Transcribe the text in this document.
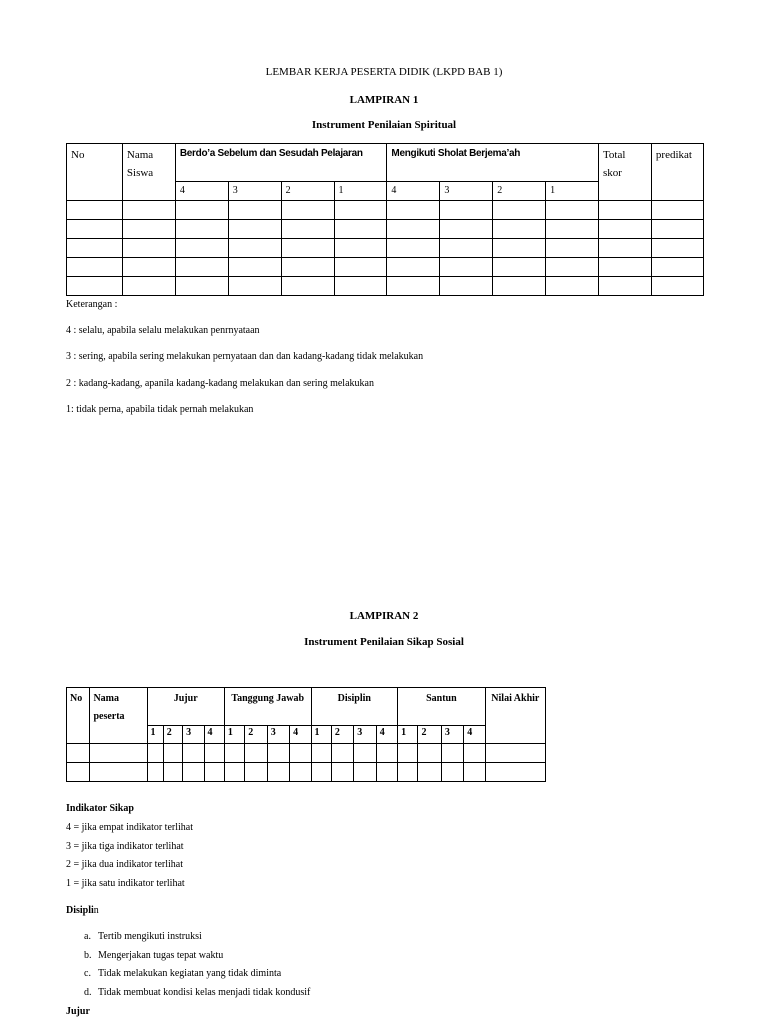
LEMBAR KERJA PESERTA DIDIK (LKPD BAB 1)
LAMPIRAN 1
Instrument Penilaian Spiritual
No	Nama Siswa	Berdo’a Sebelum dan Sesudah Pelajaran				Mengikuti Sholat Berjema’ah				Total skor	predikat
		4	3	2	1	4	3	2	1		

Keterangan :
4 : selalu, apabila selalu melakukan penrnyataan
3 : sering, apabila sering melakukan pernyataan dan dan kadang-kadang tidak melakukan
2 : kadang-kadang, apanila kadang-kadang melakukan dan sering melakukan
1: tidak perna, apabila tidak pernah melakukan
LAMPIRAN 2
Instrument Penilaian Sikap Sosial
No	Nama peserta	Jujur				Tanggung Jawab				Disiplin				Santun				Nilai Akhir
		1	2	3	4	1	2	3	4	1	2	3	4	1	2	3	4	

Indikator Sikap
4 = jika empat indikator terlihat
3 = jika tiga indikator terlihat
2 = jika dua indikator terlihat
1 = jika satu indikator terlihat
Disiplin
a. Tertib mengikuti instruksi
b. Mengerjakan tugas tepat waktu
c. Tidak melakukan kegiatan yang tidak diminta
d. Tidak membuat kondisi kelas menjadi tidak kondusif
Jujur
